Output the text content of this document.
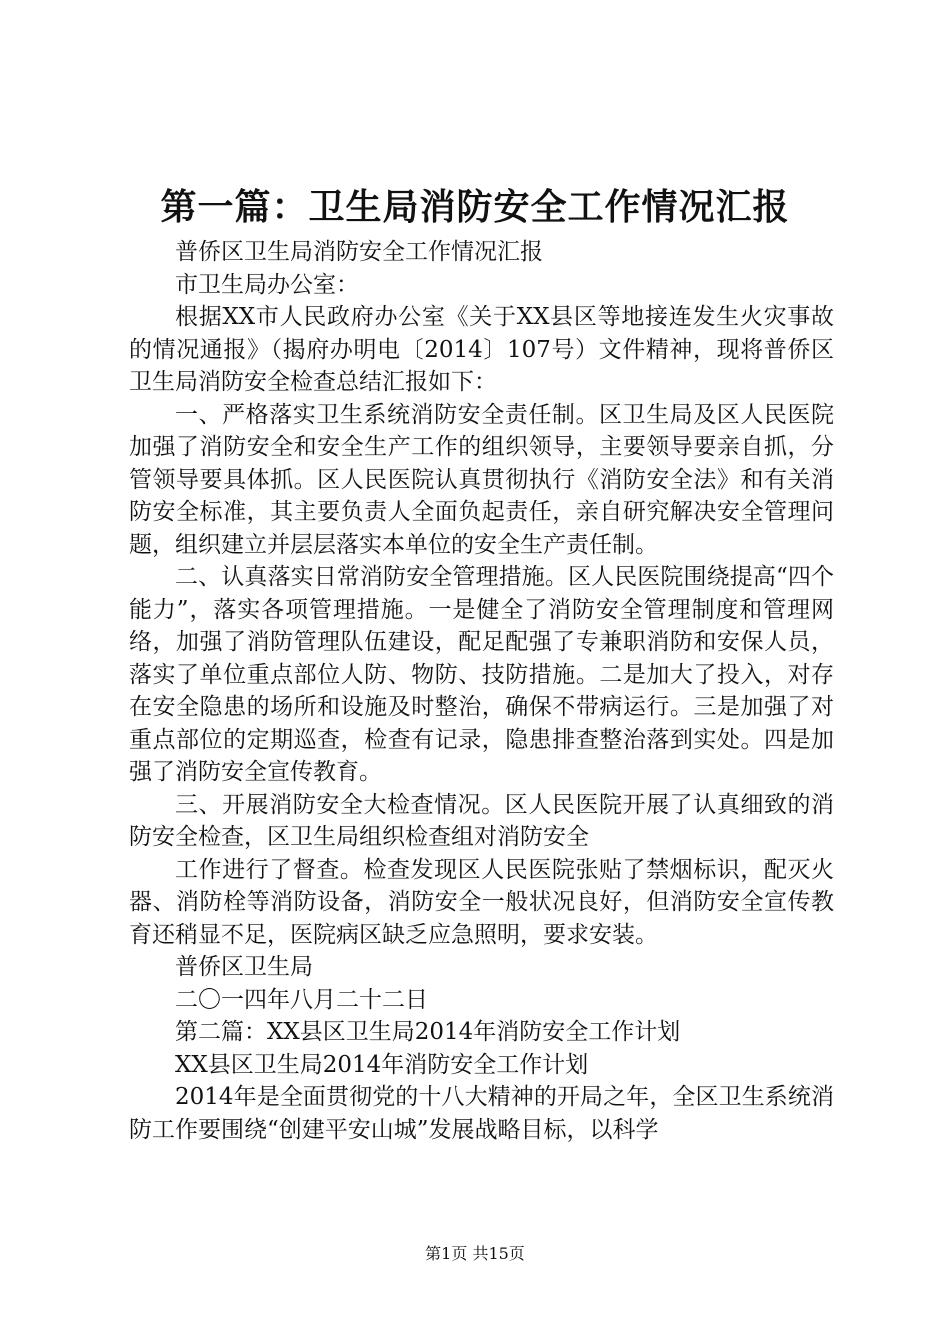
第一篇：卫生局消防安全工作情况汇报

普侨区卫生局消防安全工作情况汇报

市卫生局办公室：

根据XX市人民政府办公室《关于XX县区等地接连发生火灾事故的情况通报》（揭府办明电〔2014〕107号）文件精神，现将普侨区卫生局消防安全检查总结汇报如下：

一、严格落实卫生系统消防安全责任制。区卫生局及区人民医院加强了消防安全和安全生产工作的组织领导，主要领导要亲自抓，分管领导要具体抓。区人民医院认真贯彻执行《消防安全法》和有关消防安全标准，其主要负责人全面负起责任，亲自研究解决安全管理问题，组织建立并层层落实本单位的安全生产责任制。

二、认真落实日常消防安全管理措施。区人民医院围绕提高“四个能力”，落实各项管理措施。一是健全了消防安全管理制度和管理网络，加强了消防管理队伍建设，配足配强了专兼职消防和安保人员，落实了单位重点部位人防、物防、技防措施。二是加大了投入，对存在安全隐患的场所和设施及时整治，确保不带病运行。三是加强了对重点部位的定期巡查，检查有记录，隐患排查整治落到实处。四是加强了消防安全宣传教育。

三、开展消防安全大检查情况。区人民医院开展了认真细致的消防安全检查，区卫生局组织检查组对消防安全

工作进行了督查。检查发现区人民医院张贴了禁烟标识，配灭火器、消防栓等消防设备，消防安全一般状况良好，但消防安全宣传教育还稍显不足，医院病区缺乏应急照明，要求安装。

普侨区卫生局

二〇一四年八月二十二日

第二篇：XX县区卫生局2014年消防安全工作计划

XX县区卫生局2014年消防安全工作计划

2014年是全面贯彻党的十八大精神的开局之年，全区卫生系统消防工作要围绕“创建平安山城”发展战略目标，以科学

第1页 共15页
